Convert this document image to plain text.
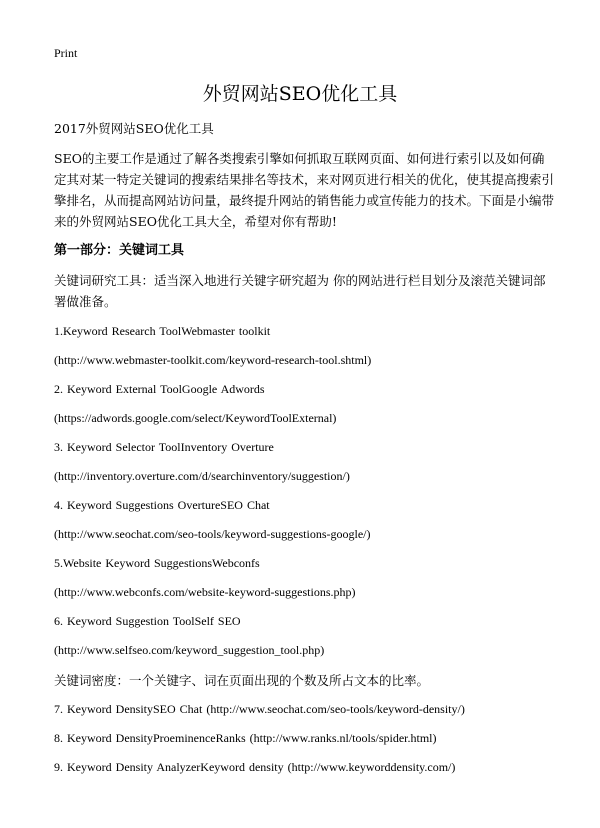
Print
外贸网站SEO优化工具

2017外贸网站SEO优化工具

SEO的主要工作是通过了解各类搜索引擎如何抓取互联网页面、如何进行索引以及如何确定其对某一特定关键词的搜索结果排名等技术，来对网页进行相关的优化，使其提高搜索引擎排名，从而提高网站访问量，最终提升网站的销售能力或宣传能力的技术。下面是小编带来的外贸网站SEO优化工具大全，希望对你有帮助!

第一部分：关键词工具

关键词研究工具：适当深入地进行关键字研究超为 你的网站进行栏目划分及滚范关键词部署做准备。

1.Keyword Research ToolWebmaster toolkit

(http://www.webmaster-toolkit.com/keyword-research-tool.shtml)

2. Keyword External ToolGoogle Adwords

(https://adwords.google.com/select/KeywordToolExternal)

3. Keyword Selector ToolInventory Overture

(http://inventory.overture.com/d/searchinventory/suggestion/)

4. Keyword Suggestions OvertureSEO Chat

(http://www.seochat.com/seo-tools/keyword-suggestions-google/)

5.Website Keyword SuggestionsWebconfs

(http://www.webconfs.com/website-keyword-suggestions.php)

6. Keyword Suggestion ToolSelf SEO

(http://www.selfseo.com/keyword_suggestion_tool.php)

关键词密度：一个关键字、词在页面出现的个数及所占文本的比率。

7. Keyword DensitySEO Chat (http://www.seochat.com/seo-tools/keyword-density/)

8. Keyword DensityProeminenceRanks (http://www.ranks.nl/tools/spider.html)

9. Keyword Density AnalyzerKeyword density (http://www.keyworddensity.com/)
